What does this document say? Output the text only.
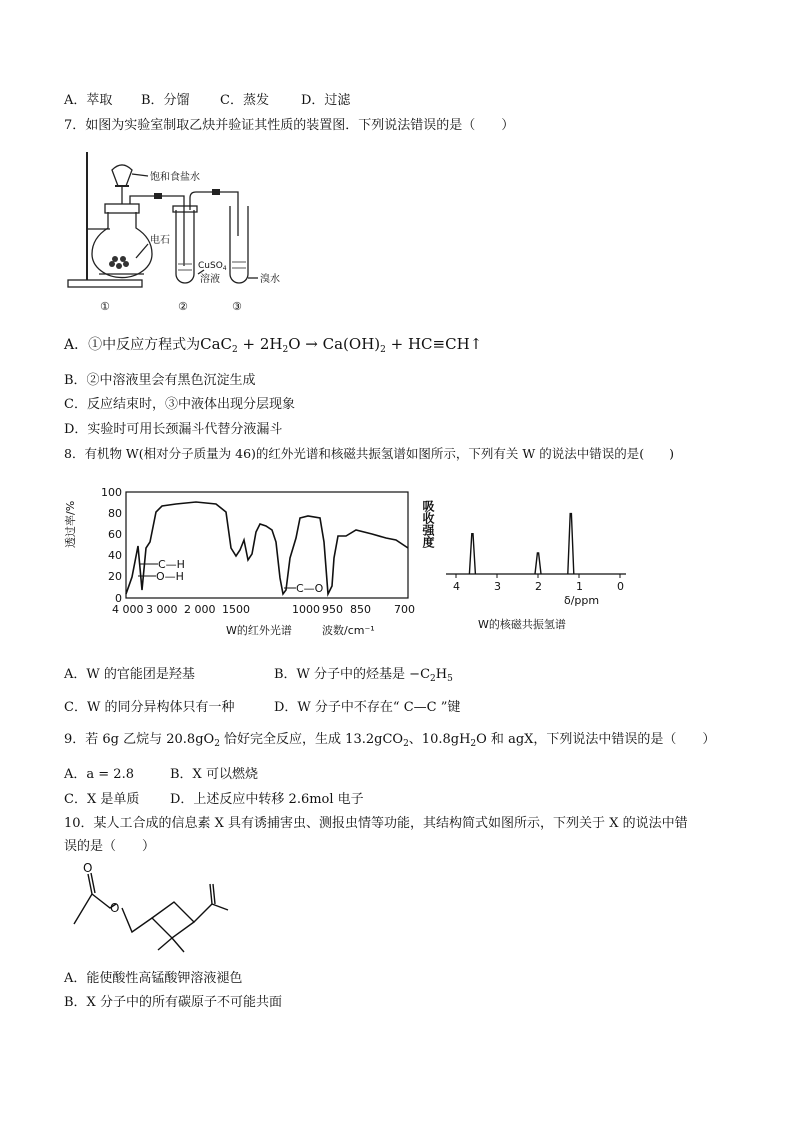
A．萃取 B．分馏 C．蒸发 D．过滤
7．如图为实验室制取乙炔并验证其性质的装置图．下列说法错误的是（　　）
饱和食盐水
电石
CuSO$_4$
溶液	溴水
①	②	③
A．①中反应方程式为$CaC_2 + 2H_2O \to Ca(OH)_2$ + HC≡CH↑
B．②中溶液里会有黑色沉淀生成
C．反应结束时，③中液体出现分层现象
D．实验时可用长颈漏斗代替分液漏斗
8．有机物 W(相对分子质量为 46)的红外光谱和核磁共振氢谱如图所示，下列有关 W 的说法中错误的是(　　)
透过率/%
100
80
60
40
20
0
C—H
O—H
C—O
4 000 3 000 2 000 1500	1000 950 850 700
W的红外光谱	波数/cm⁻¹
吸收强度
4	3	2	1	0
δ/ppm
W的核磁共振氢谱
A．W 的官能团是羟基	B．W 分子中的烃基是 $-C_2H_5$
C．W 的同分异构体只有一种	D．W 分子中不存在“ C—C ”键
9．若 6g 乙烷与 $20.8gO_2$ 恰好完全反应，生成 13.2gCO$_2$、$10.8gH_2O$ 和 agX，下列说法中错误的是（　　）
A．a = 2.8	B．X 可以燃烧
C．X 是单质 D．上述反应中转移 2.6mol 电子
10．某人工合成的信息素 X 具有诱捕害虫、测报虫情等功能，其结构简式如图所示，下列关于 X 的说法中错
误的是（　　）
O
O
A．能使酸性高锰酸钾溶液褪色
B．X 分子中的所有碳原子不可能共面
